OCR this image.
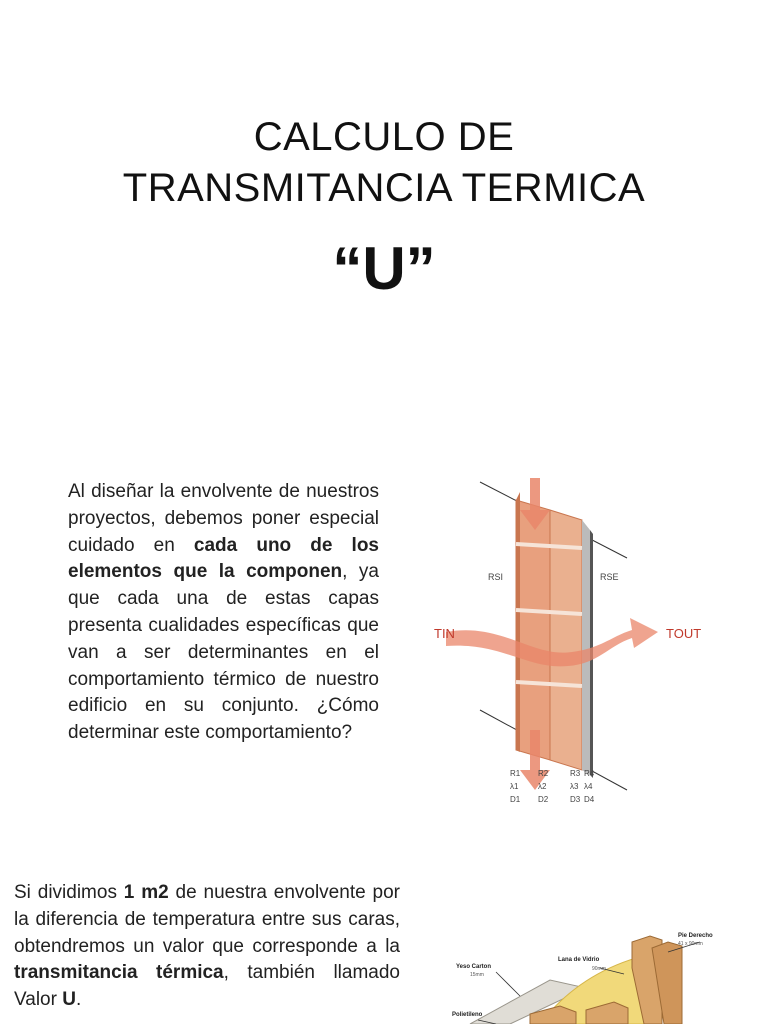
CALCULO DE
TRANSMITANCIA TERMICA
“U”
Al diseñar la envolvente de nuestros proyectos, debemos poner especial cuidado en cada uno de los elementos que la componen, ya que cada una de estas capas presenta cualidades específicas que van a ser determinantes en el comportamiento térmico de nuestro edificio en su conjunto. ¿Cómo determinar este comportamiento?
Si dividimos 1 m2 de nuestra envolvente por la diferencia de temperatura entre sus caras, obtendremos un valor que corresponde a la transmitancia térmica, también llamado Valor U.
TIN	TOUT
RSI	RSE
R1 R2	R3 R4
λ1 λ2	λ3 λ4
D1 D2	D3 D4
Pie Derecho
Lana de Vidrio
Yeso Carton
Polietileno
41 x 90mm
90mm
15mm
